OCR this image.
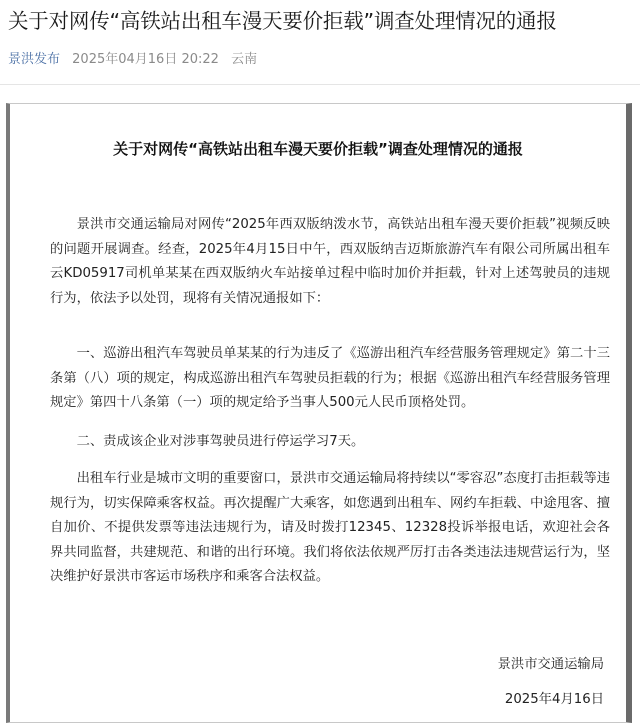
关于对网传“高铁站出租车漫天要价拒载”调查处理情况的通报
景洪发布 2025年04月16日 20:22 云南
关于对网传“高铁站出租车漫天要价拒载”调查处理情况的通报

景洪市交通运输局对网传“2025年西双版纳泼水节，高铁站出租车漫天要价拒载”视频反映的问题开展调查。经查，2025年4月15日中午，西双版纳吉迈斯旅游汽车有限公司所属出租车云KD05917司机单某某在西双版纳火车站接单过程中临时加价并拒载，针对上述驾驶员的违规行为，依法予以处罚，现将有关情况通报如下：

一、巡游出租汽车驾驶员单某某的行为违反了《巡游出租汽车经营服务管理规定》第二十三条第（八）项的规定，构成巡游出租汽车驾驶员拒载的行为；根据《巡游出租汽车经营服务管理规定》第四十八条第（一）项的规定给予当事人500元人民币顶格处罚。

二、责成该企业对涉事驾驶员进行停运学习7天。

出租车行业是城市文明的重要窗口，景洪市交通运输局将持续以“零容忍”态度打击拒载等违规行为，切实保障乘客权益。再次提醒广大乘客，如您遇到出租车、网约车拒载、中途甩客、擅自加价、不提供发票等违法违规行为，请及时拨打12345、12328投诉举报电话，欢迎社会各界共同监督，共建规范、和谐的出行环境。我们将依法依规严厉打击各类违法违规营运行为，坚决维护好景洪市客运市场秩序和乘客合法权益。

景洪市交通运输局
2025年4月16日
